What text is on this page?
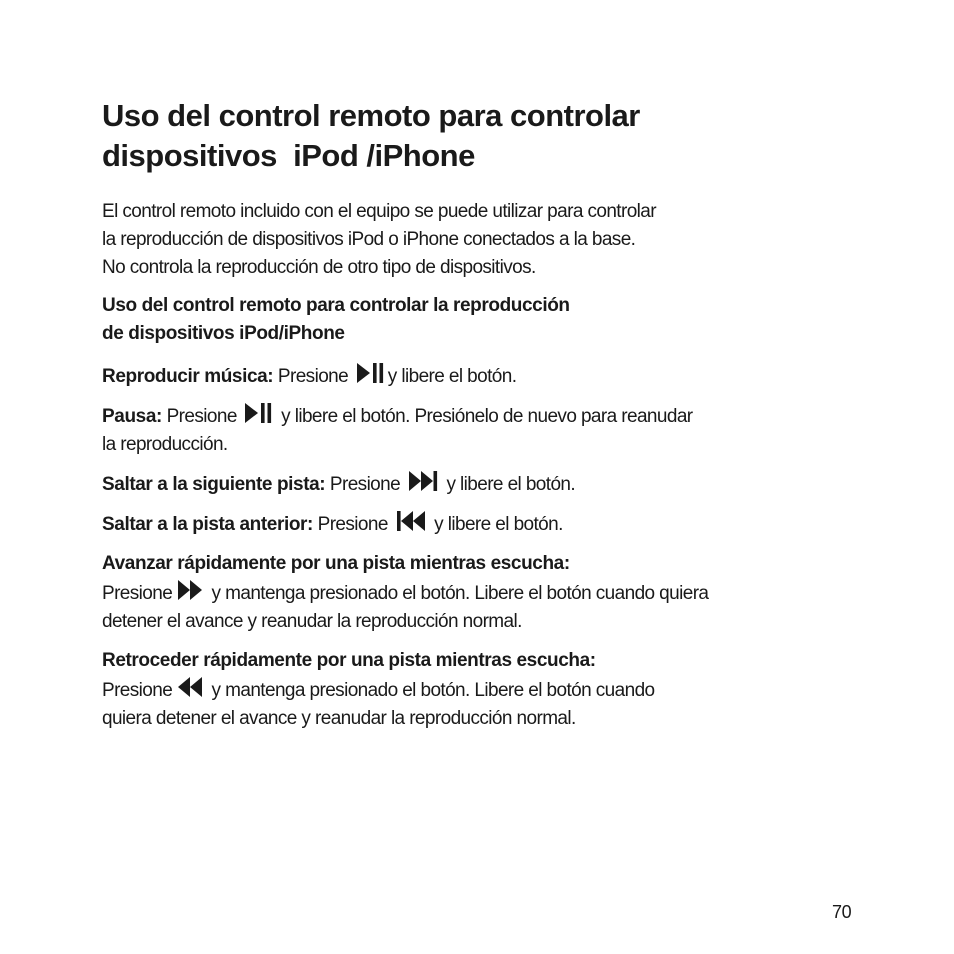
Uso del control remoto para controlar
dispositivos  iPod /iPhone

El control remoto incluido con el equipo se puede utilizar para controlar
la reproducción de dispositivos iPod o iPhone conectados a la base.
No controla la reproducción de otro tipo de dispositivos.

Uso del control remoto para controlar la reproducción
de dispositivos iPod/iPhone

Reproducir música: Presione
y libere el botón.

Pausa: Presione
y libere el botón. Presiónelo de nuevo para reanudar
la reproducción.

Saltar a la siguiente pista: Presione
y libere el botón.

Saltar a la pista anterior: Presione
y libere el botón.

Avanzar rápidamente por una pista mientras escucha:
Presione
y mantenga presionado el botón. Libere el botón cuando quiera
detener el avance y reanudar la reproducción normal.

Retroceder rápidamente por una pista mientras escucha:
Presione
y mantenga presionado el botón. Libere el botón cuando
quiera detener el avance y reanudar la reproducción normal.

70
